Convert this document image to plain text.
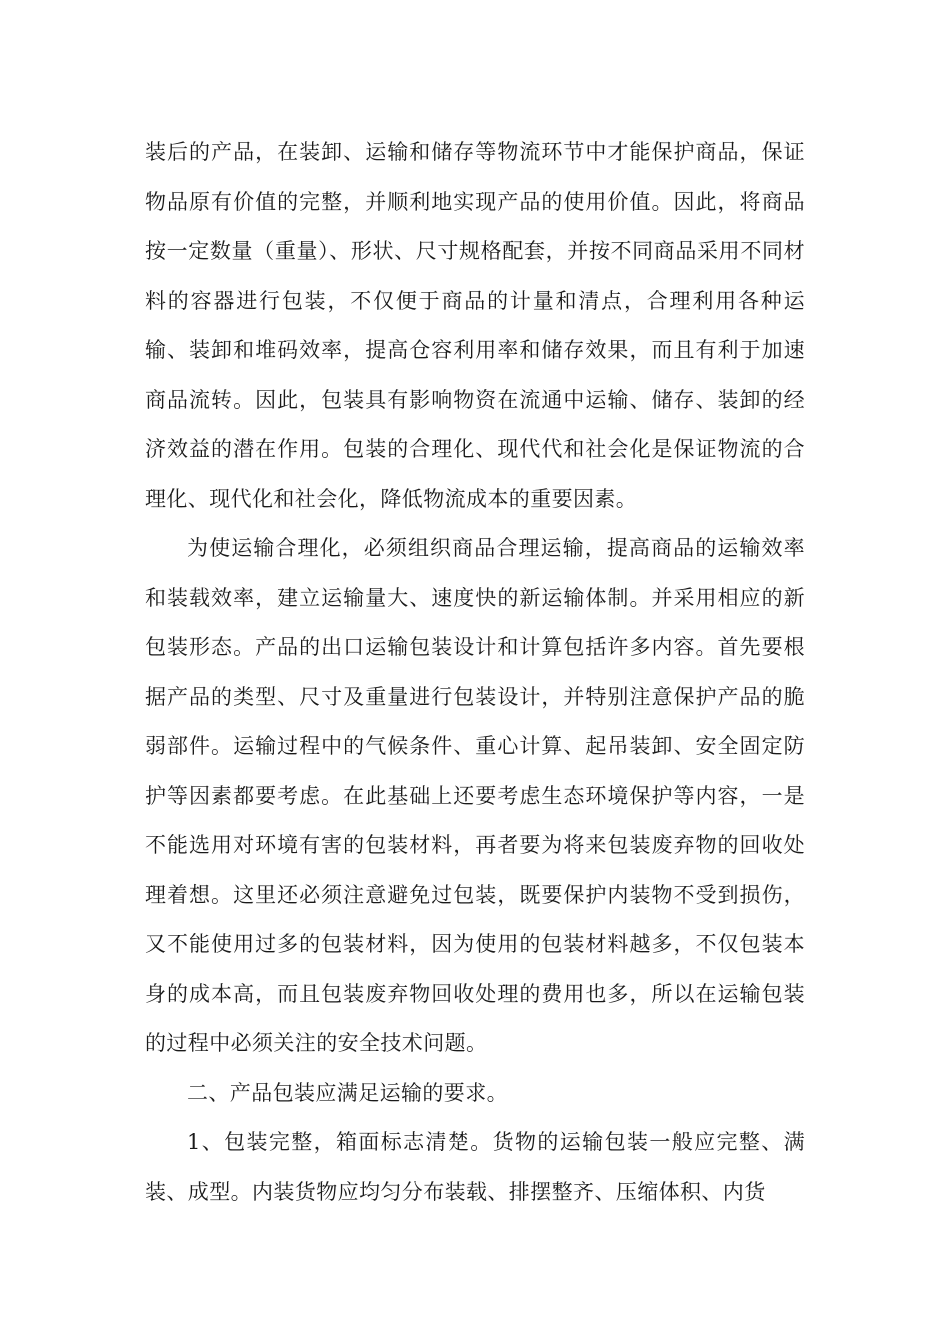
装后的产品，在装卸、运输和储存等物流环节中才能保护商品，保证物品原有价值的完整，并顺利地实现产品的使用价值。因此，将商品按一定数量（重量）、形状、尺寸规格配套，并按不同商品采用不同材料的容器进行包装，不仅便于商品的计量和清点，合理利用各种运输、装卸和堆码效率，提高仓容利用率和储存效果，而且有利于加速商品流转。因此，包装具有影响物资在流通中运输、储存、装卸的经济效益的潜在作用。包装的合理化、现代代和社会化是保证物流的合理化、现代化和社会化，降低物流成本的重要因素。

为使运输合理化，必须组织商品合理运输，提高商品的运输效率和装载效率，建立运输量大、速度快的新运输体制。并采用相应的新包装形态。产品的出口运输包装设计和计算包括许多内容。首先要根据产品的类型、尺寸及重量进行包装设计，并特别注意保护产品的脆弱部件。运输过程中的气候条件、重心计算、起吊装卸、安全固定防护等因素都要考虑。在此基础上还要考虑生态环境保护等内容，一是不能选用对环境有害的包装材料，再者要为将来包装废弃物的回收处理着想。这里还必须注意避免过包装，既要保护内装物不受到损伤，又不能使用过多的包装材料，因为使用的包装材料越多，不仅包装本身的成本高，而且包装废弃物回收处理的费用也多，所以在运输包装的过程中必须关注的安全技术问题。

二、产品包装应满足运输的要求。

1、包装完整，箱面标志清楚。货物的运输包装一般应完整、满装、成型。内装货物应均匀分布装载、排摆整齐、压缩体积、内货
